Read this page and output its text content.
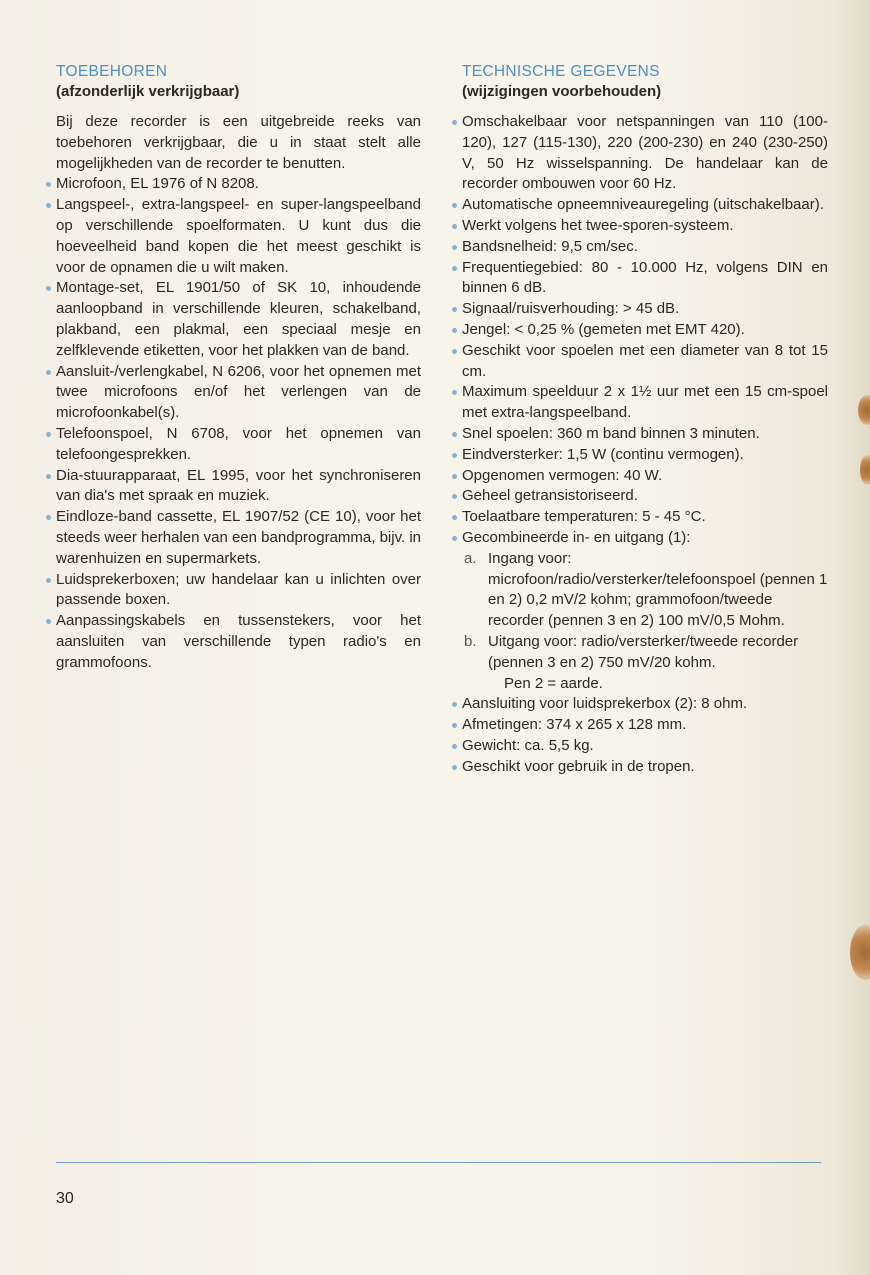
TOEBEHOREN

(afzonderlijk verkrijgbaar)

Bij deze recorder is een uitgebreide reeks van toebehoren verkrijgbaar, die u in staat stelt alle mogelijkheden van de recorder te benutten.

Microfoon, EL 1976 of N 8208.
Langspeel-, extra-langspeel- en super-langspeelband op verschillende spoelformaten. U kunt dus die hoeveelheid band kopen die het meest geschikt is voor de opnamen die u wilt maken.
Montage-set, EL 1901/50 of SK 10, inhoudende aanloopband in verschillende kleuren, schakelband, plakband, een plakmal, een speciaal mesje en zelfklevende etiketten, voor het plakken van de band.
Aansluit-/verlengkabel, N 6206, voor het opnemen met twee microfoons en/of het verlengen van de microfoonkabel(s).
Telefoonspoel, N 6708, voor het opnemen van telefoongesprekken.
Dia-stuurapparaat, EL 1995, voor het synchroniseren van dia's met spraak en muziek.
Eindloze-band cassette, EL 1907/52 (CE 10), voor het steeds weer herhalen van een bandprogramma, bijv. in warenhuizen en supermarkets.
Luidsprekerboxen; uw handelaar kan u inlichten over passende boxen.
Aanpassingskabels en tussenstekers, voor het aansluiten van verschillende typen radio's en grammofoons.
TECHNISCHE GEGEVENS

(wijzigingen voorbehouden)

Omschakelbaar voor netspanningen van 110 (100-120), 127 (115-130), 220 (200-230) en 240 (230-250) V, 50 Hz wisselspanning. De handelaar kan de recorder ombouwen voor 60 Hz.
Automatische opneemniveauregeling (uitschakelbaar).
Werkt volgens het twee-sporen-systeem.
Bandsnelheid: 9,5 cm/sec.
Frequentiegebied: 80 - 10.000 Hz, volgens DIN en binnen 6 dB.
Signaal/ruisverhouding: > 45 dB.
Jengel: < 0,25 % (gemeten met EMT 420).
Geschikt voor spoelen met een diameter van 8 tot 15 cm.
Maximum speelduur 2 x 1½ uur met een 15 cm-spoel met extra-langspeelband.
Snel spoelen: 360 m band binnen 3 minuten.
Eindversterker: 1,5 W (continu vermogen).
Opgenomen vermogen: 40 W.
Geheel getransistoriseerd.
Toelaatbare temperaturen: 5 - 45 °C.
Gecombineerde in- en uitgang (1):
a. Ingang voor: microfoon/radio/versterker/telefoonspoel (pennen 1 en 2) 0,2 mV/2 kohm; grammofoon/tweede recorder (pennen 3 en 2) 100 mV/0,5 Mohm.
b. Uitgang voor: radio/versterker/tweede recorder (pennen 3 en 2) 750 mV/20 kohm.
Pen 2 = aarde.
Aansluiting voor luidsprekerbox (2): 8 ohm.
Afmetingen: 374 x 265 x 128 mm.
Gewicht: ca. 5,5 kg.
Geschikt voor gebruik in de tropen.
30
